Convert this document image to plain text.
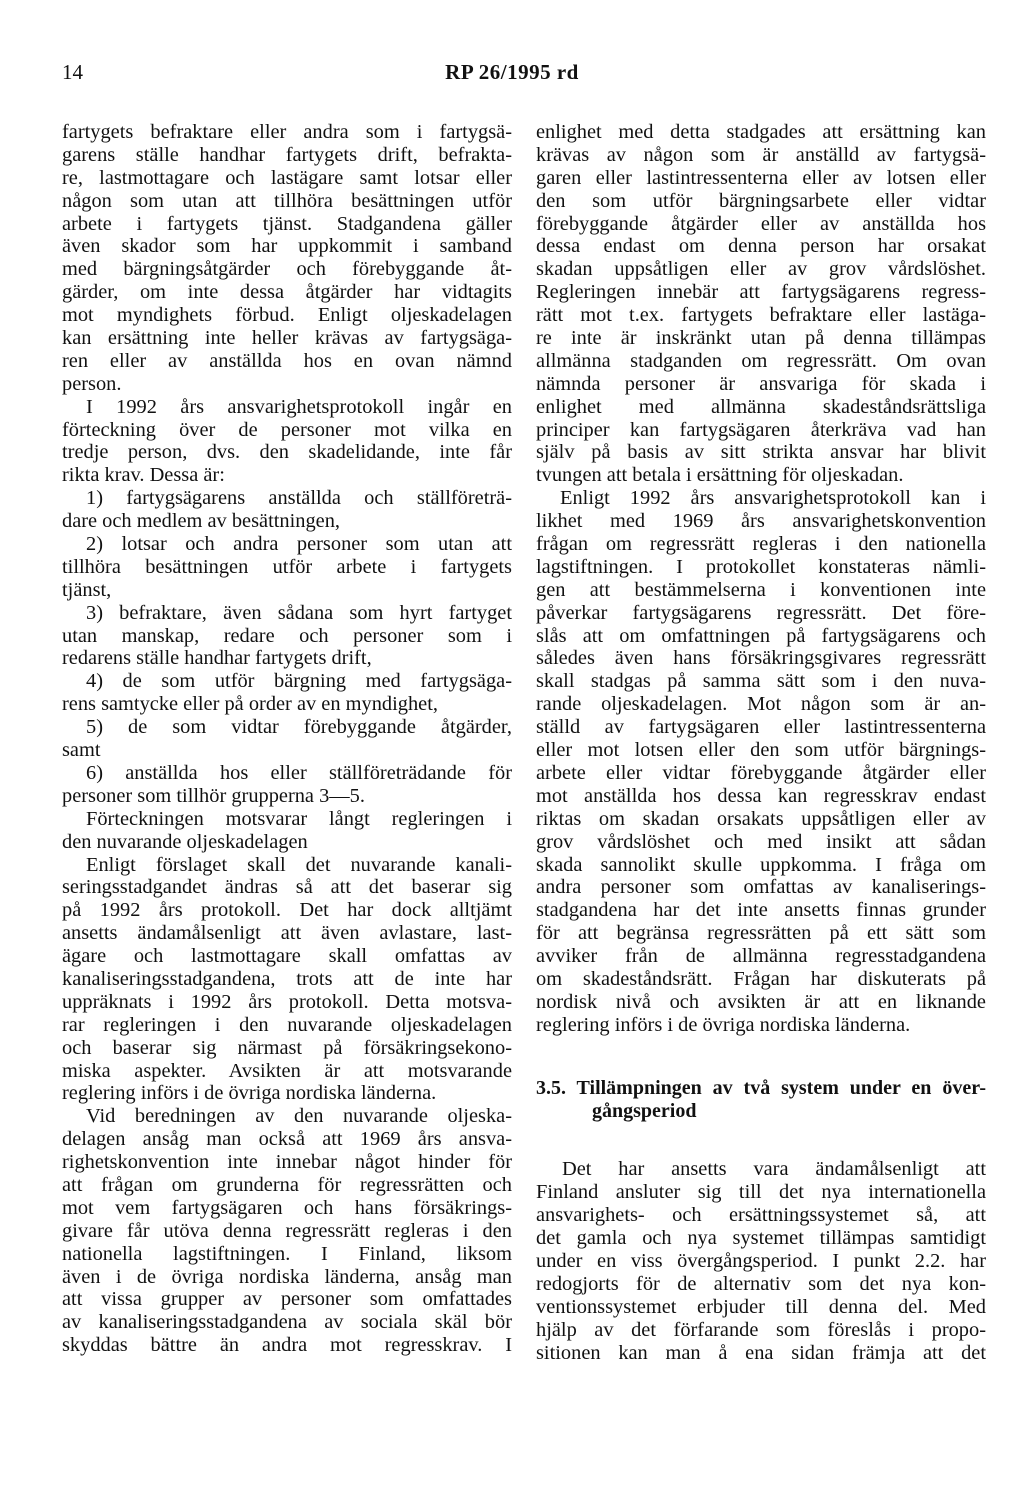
14	RP 26/1995 rd
fartygets befraktare eller andra som i fartygsä-
garens ställe handhar fartygets drift, befrakta-
re, lastmottagare och lastägare samt lotsar eller
någon som utan att tillhöra besättningen utför
arbete i fartygets tjänst. Stadgandena gäller
även skador som har uppkommit i samband
med bärgningsåtgärder och förebyggande åt-
gärder, om inte dessa åtgärder har vidtagits
mot myndighets förbud. Enligt oljeskadelagen
kan ersättning inte heller krävas av fartygsäga-
ren eller av anställda hos en ovan nämnd
person.
I 1992 års ansvarighetsprotokoll ingår en
förteckning över de personer mot vilka en
tredje person, dvs. den skadelidande, inte får
rikta krav. Dessa är:
1) fartygsägarens anställda och ställföreträ-
dare och medlem av besättningen,
2) lotsar och andra personer som utan att
tillhöra besättningen utför arbete i fartygets
tjänst,
3) befraktare, även sådana som hyrt fartyget
utan manskap, redare och personer som i
redarens ställe handhar fartygets drift,
4) de som utför bärgning med fartygsäga-
rens samtycke eller på order av en myndighet,
5) de som vidtar förebyggande åtgärder,
samt
6) anställda hos eller ställföreträdande för
personer som tillhör grupperna 3—5.
Förteckningen motsvarar långt regleringen i
den nuvarande oljeskadelagen
Enligt förslaget skall det nuvarande kanali-
seringsstadgandet ändras så att det baserar sig
på 1992 års protokoll. Det har dock alltjämt
ansetts ändamålsenligt att även avlastare, last-
ägare och lastmottagare skall omfattas av
kanaliseringsstadgandena, trots att de inte har
uppräknats i 1992 års protokoll. Detta motsva-
rar regleringen i den nuvarande oljeskadelagen
och baserar sig närmast på försäkringsekono-
miska aspekter. Avsikten är att motsvarande
reglering införs i de övriga nordiska länderna.
Vid beredningen av den nuvarande oljeska-
delagen ansåg man också att 1969 års ansva-
righetskonvention inte innebar något hinder för
att frågan om grunderna för regressrätten och
mot vem fartygsägaren och hans försäkrings-
givare får utöva denna regressrätt regleras i den
nationella lagstiftningen. I Finland, liksom
även i de övriga nordiska länderna, ansåg man
att vissa grupper av personer som omfattades
av kanaliseringsstadgandena av sociala skäl bör
skyddas bättre än andra mot regresskrav. I
enlighet med detta stadgades att ersättning kan
krävas av någon som är anställd av fartygsä-
garen eller lastintressenterna eller av lotsen eller
den som utför bärgningsarbete eller vidtar
förebyggande åtgärder eller av anställda hos
dessa endast om denna person har orsakat
skadan uppsåtligen eller av grov vårdslöshet.
Regleringen innebär att fartygsägarens regress-
rätt mot t.ex. fartygets befraktare eller lastäga-
re inte är inskränkt utan på denna tillämpas
allmänna stadganden om regressrätt. Om ovan
nämnda personer är ansvariga för skada i
enlighet med allmänna skadeståndsrättsliga
principer kan fartygsägaren återkräva vad han
själv på basis av sitt strikta ansvar har blivit
tvungen att betala i ersättning för oljeskadan.
Enligt 1992 års ansvarighetsprotokoll kan i
likhet med 1969 års ansvarighetskonvention
frågan om regressrätt regleras i den nationella
lagstiftningen. I protokollet konstateras nämli-
gen att bestämmelserna i konventionen inte
påverkar fartygsägarens regressrätt. Det före-
slås att om omfattningen på fartygsägarens och
således även hans försäkringsgivares regressrätt
skall stadgas på samma sätt som i den nuva-
rande oljeskadelagen. Mot någon som är an-
ställd av fartygsägaren eller lastintressenterna
eller mot lotsen eller den som utför bärgnings-
arbete eller vidtar förebyggande åtgärder eller
mot anställda hos dessa kan regresskrav endast
riktas om skadan orsakats uppsåtligen eller av
grov vårdslöshet och med insikt att sådan
skada sannolikt skulle uppkomma. I fråga om
andra personer som omfattas av kanaliserings-
stadgandena har det inte ansetts finnas grunder
för att begränsa regressrätten på ett sätt som
avviker från de allmänna regresstadgandena
om skadeståndsrätt. Frågan har diskuterats på
nordisk nivå och avsikten är att en liknande
reglering införs i de övriga nordiska länderna.
3.5. Tillämpningen av två system under en över-
gångsperiod
Det har ansetts vara ändamålsenligt att
Finland ansluter sig till det nya internationella
ansvarighets- och ersättningssystemet så, att
det gamla och nya systemet tillämpas samtidigt
under en viss övergångsperiod. I punkt 2.2. har
redogjorts för de alternativ som det nya kon-
ventionssystemet erbjuder till denna del. Med
hjälp av det förfarande som föreslås i propo-
sitionen kan man å ena sidan främja att det
